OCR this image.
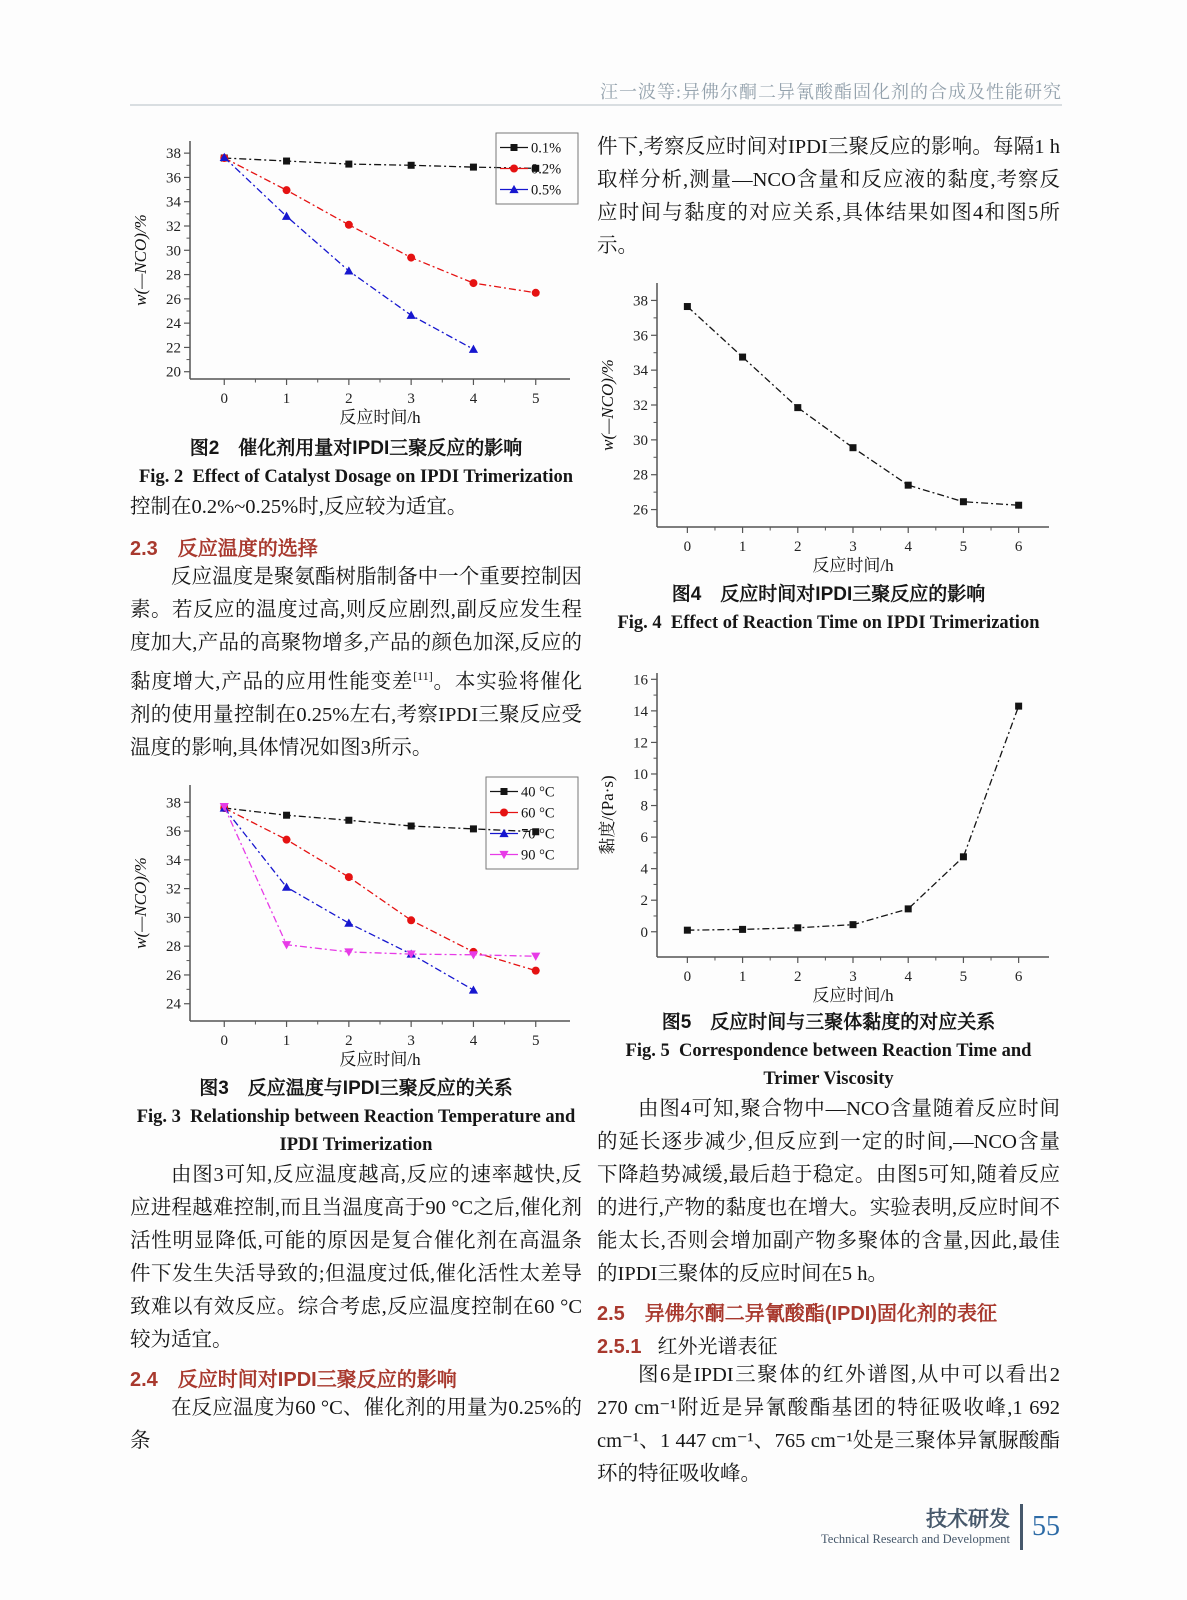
汪一波等:异佛尔酮二异氰酸酯固化剂的合成及性能研究
20
22
24
26
28
30
32
34
36
38
0	1	2	3	4	5
反应时间/h
w(—NCO)/%
0.1%
0.2%
0.5%
图2 催化剂用量对IPDI三聚反应的影响
Fig. 2 Effect of Catalyst Dosage on IPDI Trimerization

控制在0.2%~0.25%时,反应较为适宜。

2.3 反应温度的选择

反应温度是聚氨酯树脂制备中一个重要控制因素。若反应的温度过高,则反应剧烈,副反应发生程度加大,产品的高聚物增多,产品的颜色加深,反应的黏度增大,产品的应用性能变差[11]。本实验将催化剂的使用量控制在0.25%左右,考察IPDI三聚反应受温度的影响,具体情况如图3所示。

24
26
28
30
32
34
36
38
0	1	2	3	4	5
反应时间/h
w(—NCO)/%
40 °C
60 °C
70 °C
90 °C
图3 反应温度与IPDI三聚反应的关系
Fig. 3 Relationship between Reaction Temperature and IPDI Trimerization

由图3可知,反应温度越高,反应的速率越快,反应进程越难控制,而且当温度高于90 °C之后,催化剂活性明显降低,可能的原因是复合催化剂在高温条件下发生失活导致的;但温度过低,催化活性太差导致难以有效反应。综合考虑,反应温度控制在60 °C较为适宜。

2.4 反应时间对IPDI三聚反应的影响

在反应温度为60 °C、催化剂的用量为0.25%的条

件下,考察反应时间对IPDI三聚反应的影响。每隔1 h取样分析,测量—NCO含量和反应液的黏度,考察反应时间与黏度的对应关系,具体结果如图4和图5所示。

26
28
30
32
34
36
38
0	1	2	3	4	5	6
反应时间/h
w(—NCO)/%
图4 反应时间对IPDI三聚反应的影响
Fig. 4 Effect of Reaction Time on IPDI Trimerization
0
2
4
6
8
10
12
14
16
0	1	2	3	4	5	6
反应时间/h
黏度/(Pa·s)
图5 反应时间与三聚体黏度的对应关系
Fig. 5 Correspondence between Reaction Time and Trimer Viscosity

由图4可知,聚合物中—NCO含量随着反应时间的延长逐步减少,但反应到一定的时间,—NCO含量下降趋势减缓,最后趋于稳定。由图5可知,随着反应的进行,产物的黏度也在增大。实验表明,反应时间不能太长,否则会增加副产物多聚体的含量,因此,最佳的IPDI三聚体的反应时间在5 h。

2.5 异佛尔酮二异氰酸酯(IPDI)固化剂的表征
2.5.1 红外光谱表征

图6是IPDI三聚体的红外谱图,从中可以看出2 270 cm⁻¹附近是异氰酸酯基团的特征吸收峰,1 692 cm⁻¹、1 447 cm⁻¹、765 cm⁻¹处是三聚体异氰脲酸酯环的特征吸收峰。

技术研发
Technical Research and Development 55
